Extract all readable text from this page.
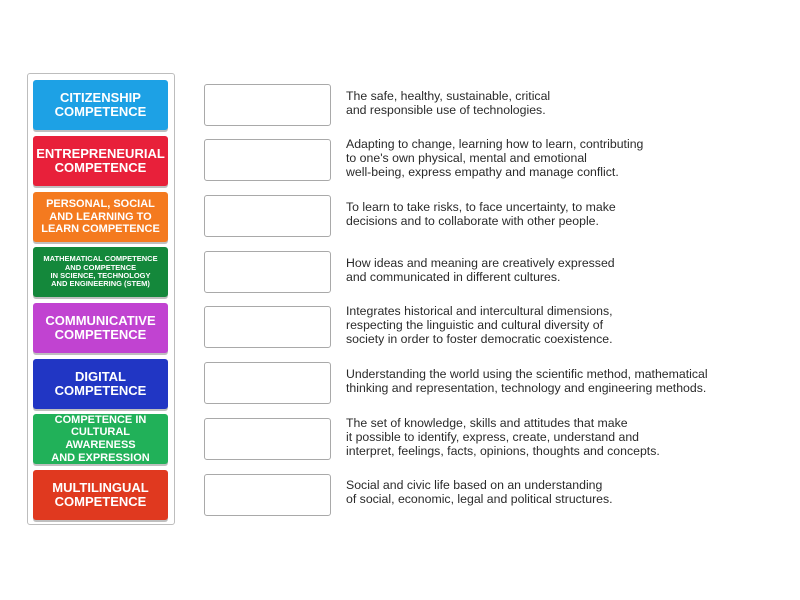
CITIZENSHIP
COMPETENCE
ENTREPRENEURIAL
COMPETENCE
PERSONAL, SOCIAL
AND LEARNING TO
LEARN COMPETENCE
MATHEMATICAL COMPETENCE
AND COMPETENCE
IN SCIENCE, TECHNOLOGY
AND ENGINEERING (STEM)
COMMUNICATIVE
COMPETENCE
DIGITAL
COMPETENCE
COMPETENCE IN
CULTURAL AWARENESS
AND EXPRESSION
MULTILINGUAL
COMPETENCE
The safe, healthy, sustainable, critical
and responsible use of technologies.
Adapting to change, learning how to learn, contributing
to one's own physical, mental and emotional
well-being, express empathy and manage conflict.
To learn to take risks, to face uncertainty, to make
decisions and to collaborate with other people.
How ideas and meaning are creatively expressed
and communicated in different cultures.
Integrates historical and intercultural dimensions,
respecting the linguistic and cultural diversity of
society in order to foster democratic coexistence.
Understanding the world using the scientific method, mathematical
thinking and representation, technology and engineering methods.
The set of knowledge, skills and attitudes that make
it possible to identify, express, create, understand and
interpret, feelings, facts, opinions, thoughts and concepts.
Social and civic life based on an understanding
of social, economic, legal and political structures.
